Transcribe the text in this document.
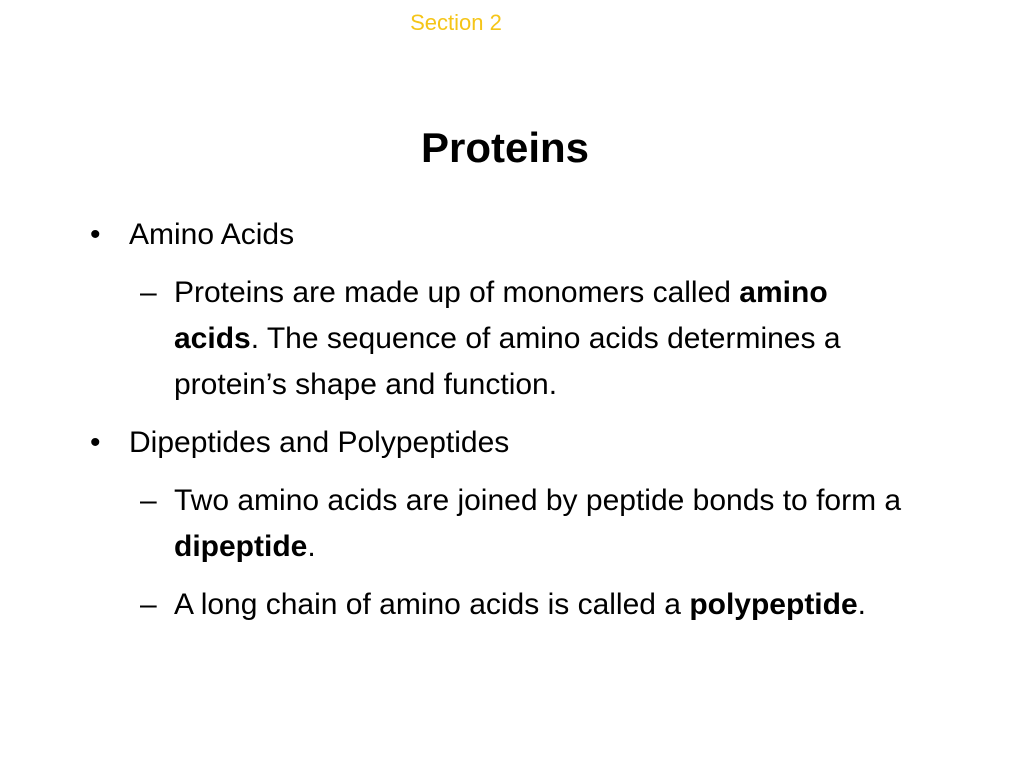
Section 2
Proteins
• Amino Acids
– Proteins are made up of monomers called amino acids. The sequence of amino acids determines a protein’s shape and function.
• Dipeptides and Polypeptides
– Two amino acids are joined by peptide bonds to form a dipeptide.
– A long chain of amino acids is called a polypeptide.
